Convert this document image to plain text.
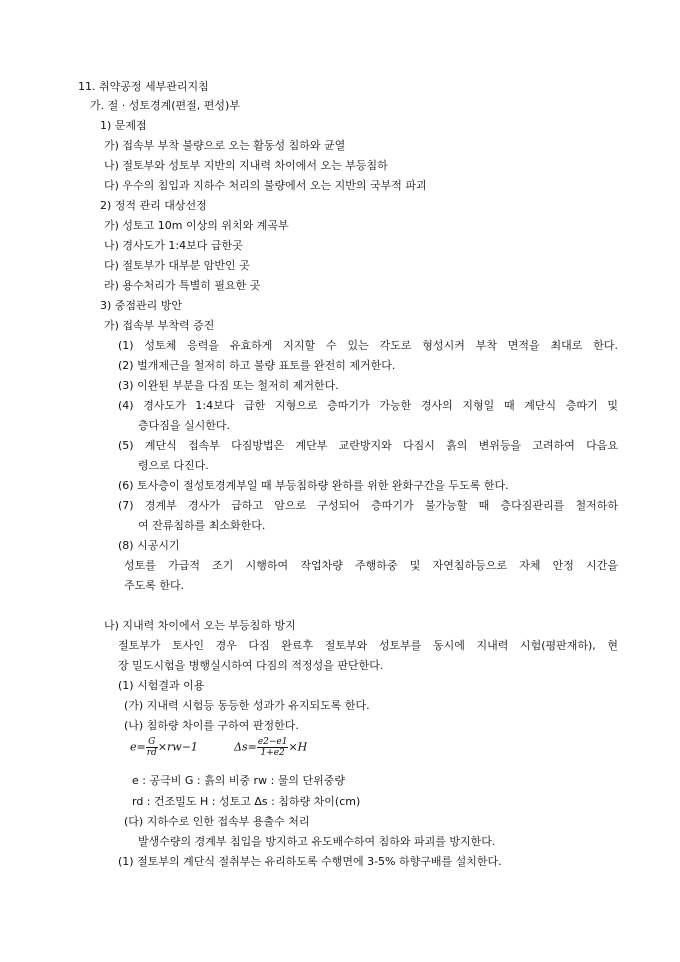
11. 취약공정 세부관리지침
가. 절 · 성토경계(편절, 편성)부
1) 문제점
가) 접속부 부착 불량으로 오는 활동성 침하와 균열
나) 절토부와 성토부 지반의 지내력 차이에서 오는 부등침하
다) 우수의 침입과 지하수 처리의 불량에서 오는 지반의 국부적 파괴
2) 정적 관리 대상선정
가) 성토고 10m 이상의 위치와 계곡부
나) 경사도가 1:4보다 급한곳
다) 절토부가 대부분 암반인 곳
라) 용수처리가 특별히 필요한 곳
3) 중점관리 방안
가) 접속부 부착력 증진
(1) 성토체 응력을 유효하게 지지할 수 있는 각도로 형성시켜 부착 면적을 최대로 한다.
(2) 벌개제근을 철저히 하고 불량 표토를 완전히 제거한다.
(3) 이완된 부분을 다짐 또는 철저히 제거한다.
(4) 경사도가 1:4보다 급한 지형으로 층따기가 가능한 경사의 지형일 때 계단식 층따기 및
층다짐을 실시한다.
(5) 계단식 접속부 다짐방법은 계단부 교란방지와 다짐시 흙의 변위등을 고려하여 다음요
령으로 다진다.
(6) 토사층이 절성토경계부일 때 부등침하량 완하를 위한 완화구간을 두도록 한다.
(7) 경계부 경사가 급하고 암으로 구성되어 층따기가 불가능할 때 층다짐관리를 철저하하
여 잔류침하를 최소화한다.
(8) 시공시기
성토를 가급적 조기 시행하여 작업차량 주행하중 및 자연침하등으로 자체 안정 시간을
주도록 한다.
나) 지내력 차이에서 오는 부등침하 방지
절토부가 토사인 경우 다짐 완료후 절토부와 성토부를 동시에 지내력 시험(평판재하), 현
장 밀도시험을 병행실시하여 다짐의 적정성을 판단한다.
(1) 시험결과 이용
(가) 지내력 시험등 동등한 성과가 유지되도록 한다.
(나) 침하량 차이를 구하여 판정한다.
$e= \frac{G}{rd} \times rw-1$	$\Delta s= \frac{e2-e1}{1+e2} \times H$
e : 공극비 G : 흙의 비중 rw : 물의 단위중량
rd : 건조밀도 H : 성토고 Δs : 침하량 차이(cm)
(다) 지하수로 인한 접속부 용출수 처리
발생수량의 경계부 침입을 방지하고 유도배수하여 침하와 파괴를 방지한다.
(1) 절토부의 계단식 절취부는 유리하도록 수행면에 3-5% 하향구배를 설치한다.
